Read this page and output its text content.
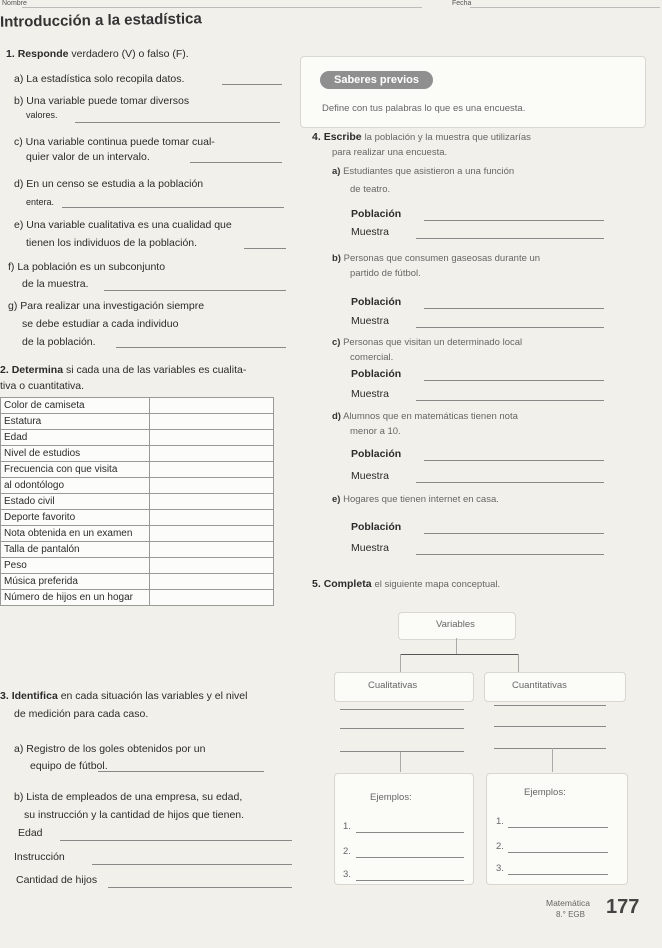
Nombre	Fecha
Introducción a la estadística
1. Responde verdadero (V) o falso (F).
a) La estadística solo recopila datos.
b) Una variable puede tomar diversos
valores.
c) Una variable continua puede tomar cual-
quier valor de un intervalo.
d) En un censo se estudia a la población
entera.
e) Una variable cualitativa es una cualidad que
tienen los individuos de la población.
f) La población es un subconjunto
de la muestra.
g) Para realizar una investigación siempre
se debe estudiar a cada individuo
de la población.
2. Determina si cada una de las variables es cualita-
tiva o cuantitativa.
Color de camiseta	
Estatura	
Edad	
Nivel de estudios	
Frecuencia con que visita	
al odontólogo	
Estado civil	
Deporte favorito	
Nota obtenida en un examen	
Talla de pantalón	
Peso	
Música preferida	
Número de hijos en un hogar	
3. Identifica en cada situación las variables y el nivel
de medición para cada caso.
a) Registro de los goles obtenidos por un
equipo de fútbol.
b) Lista de empleados de una empresa, su edad,
su instrucción y la cantidad de hijos que tienen.
Edad
Instrucción
Cantidad de hijos
Saberes previos
Define con tus palabras lo que es una encuesta.
4. Escribe la población y la muestra que utilizarías
para realizar una encuesta.
a) Estudiantes que asistieron a una función
de teatro.
Población
Muestra
b) Personas que consumen gaseosas durante un
partido de fútbol.
Población
Muestra
c) Personas que visitan un determinado local
comercial.
Población
Muestra
d) Alumnos que en matemáticas tienen nota
menor a 10.
Población
Muestra
e) Hogares que tienen internet en casa.
Población
Muestra
5. Completa el siguiente mapa conceptual.
Variables
Cualitativas	Cuantitativas
Ejemplos:
1.
2.
3.
Ejemplos:
1.
2.
3.
Matemática
8.° EGB 177
